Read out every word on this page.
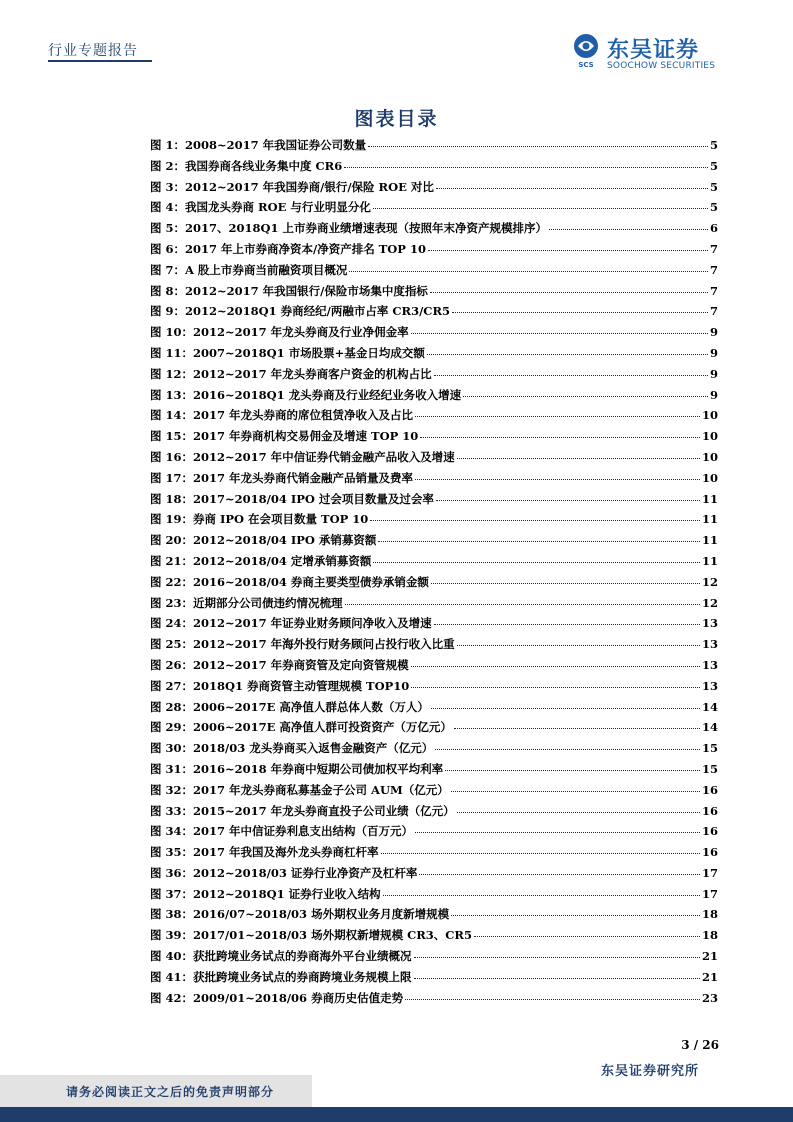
行业专题报告
SCS
东吴证券
SOOCHOW SECURITIES
图表目录
图 1：2008~2017 年我国证券公司数量	5
图 2：我国券商各线业务集中度 CR6	5
图 3：2012~2017 年我国券商/银行/保险 ROE 对比	5
图 4：我国龙头券商 ROE 与行业明显分化	5
图 5：2017、2018Q1 上市券商业绩增速表现（按照年末净资产规模排序）	6
图 6：2017 年上市券商净资本/净资产排名 TOP 10	7
图 7：A 股上市券商当前融资项目概况	7
图 8：2012~2017 年我国银行/保险市场集中度指标	7
图 9：2012~2018Q1 券商经纪/两融市占率 CR3/CR5	7
图 10：2012~2017 年龙头券商及行业净佣金率	9
图 11：2007~2018Q1 市场股票+基金日均成交额	9
图 12：2012~2017 年龙头券商客户资金的机构占比	9
图 13：2016~2018Q1 龙头券商及行业经纪业务收入增速	9
图 14：2017 年龙头券商的席位租赁净收入及占比	10
图 15：2017 年券商机构交易佣金及增速 TOP 10	10
图 16：2012~2017 年中信证券代销金融产品收入及增速	10
图 17：2017 年龙头券商代销金融产品销量及费率	10
图 18：2017~2018/04 IPO 过会项目数量及过会率	11
图 19：券商 IPO 在会项目数量 TOP 10	11
图 20：2012~2018/04 IPO 承销募资额	11
图 21：2012~2018/04 定增承销募资额	11
图 22：2016~2018/04 券商主要类型债券承销金额	12
图 23：近期部分公司债违约情况梳理	12
图 24：2012~2017 年证券业财务顾问净收入及增速	13
图 25：2012~2017 年海外投行财务顾问占投行收入比重	13
图 26：2012~2017 年券商资管及定向资管规模	13
图 27：2018Q1 券商资管主动管理规模 TOP10	13
图 28：2006~2017E 高净值人群总体人数（万人）	14
图 29：2006~2017E 高净值人群可投资资产（万亿元）	14
图 30：2018/03 龙头券商买入返售金融资产（亿元）	15
图 31：2016~2018 年券商中短期公司债加权平均利率	15
图 32：2017 年龙头券商私募基金子公司 AUM（亿元）	16
图 33：2015~2017 年龙头券商直投子公司业绩（亿元）	16
图 34：2017 年中信证券利息支出结构（百万元）	16
图 35：2017 年我国及海外龙头券商杠杆率	16
图 36：2012~2018/03 证券行业净资产及杠杆率	17
图 37：2012~2018Q1 证券行业收入结构	17
图 38：2016/07~2018/03 场外期权业务月度新增规模	18
图 39：2017/01~2018/03 场外期权新增规模 CR3、CR5	18
图 40：获批跨境业务试点的券商海外平台业绩概况	21
图 41：获批跨境业务试点的券商跨境业务规模上限	21
图 42：2009/01~2018/06 券商历史估值走势	23
3 / 26
东吴证券研究所
请务必阅读正文之后的免责声明部分
